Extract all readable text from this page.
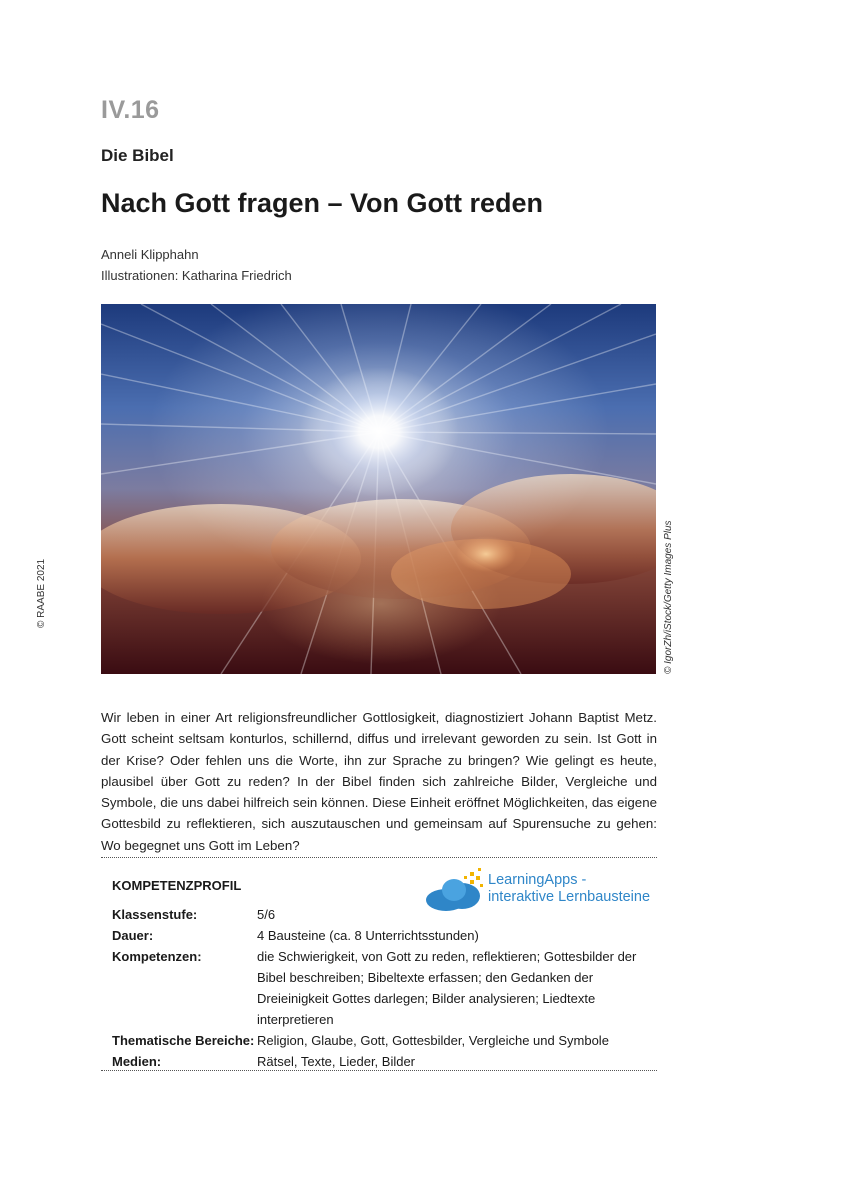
IV.16
Die Bibel
Nach Gott fragen – Von Gott reden
Anneli Klipphahn
Illustrationen: Katharina Friedrich
© IgorZh/iStock/Getty Images Plus
© RAABE 2021

Wir leben in einer Art religionsfreundlicher Gottlosigkeit, diagnostiziert Johann Baptist Metz. Gott scheint seltsam konturlos, schillernd, diffus und irrelevant geworden zu sein. Ist Gott in der Krise? Oder fehlen uns die Worte, ihn zur Sprache zu bringen? Wie gelingt es heute, plausibel über Gott zu reden? In der Bibel finden sich zahlreiche Bilder, Vergleiche und Symbole, die uns dabei hilfreich sein können. Diese Einheit eröffnet Möglichkeiten, das eigene Gottesbild zu reflektieren, sich auszutauschen und gemeinsam auf Spurensuche zu gehen: Wo begegnet uns Gott im Leben?

KOMPETENZPROFIL	LearningApps -
interaktive Lernbausteine
Klassenstufe:	5/6
Dauer:	4 Bausteine (ca. 8 Unterrichtsstunden)
Kompetenzen:	die Schwierigkeit, von Gott zu reden, reflektieren; Gottesbilder der Bibel beschreiben; Bibeltexte erfassen; den Gedanken der Dreieinigkeit Gottes darlegen; Bilder analysieren; Liedtexte interpretieren
Thematische Bereiche:	Religion, Glaube, Gott, Gottesbilder, Vergleiche und Symbole
Medien:	Rätsel, Texte, Lieder, Bilder
